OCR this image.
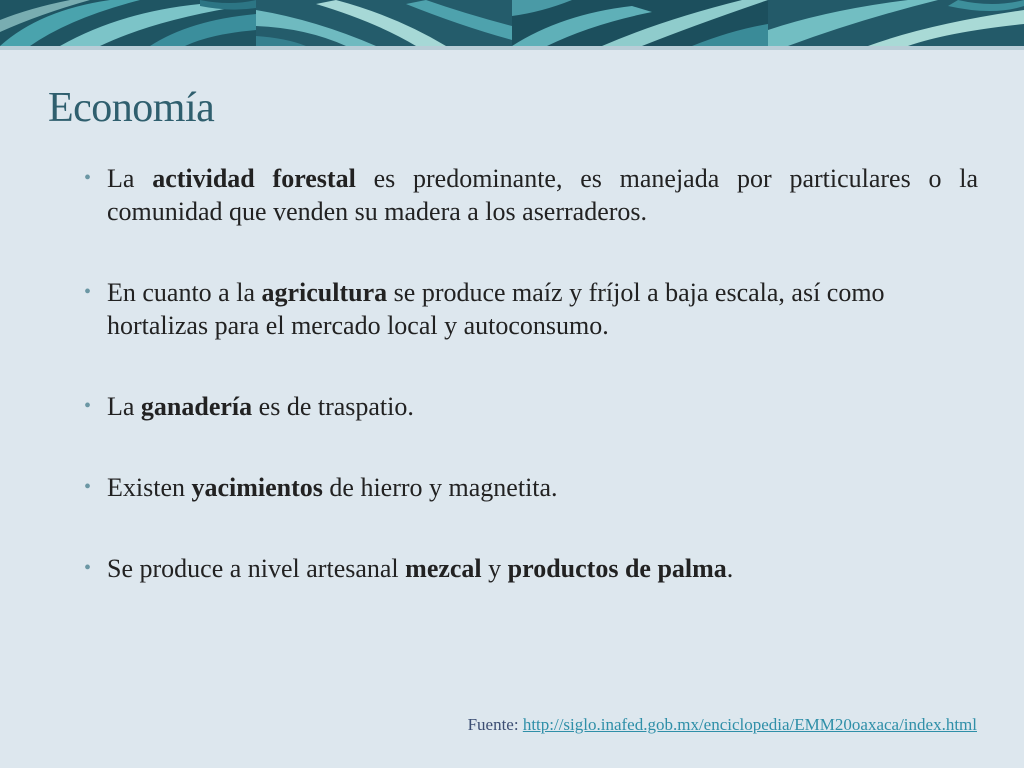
Economía
• La actividad forestal es predominante, es manejada por particulares o la comunidad que venden su madera a los aserraderos.
• En cuanto a la agricultura se produce maíz y fríjol a baja escala, así como hortalizas para el mercado local y autoconsumo.
• La ganadería es de traspatio.
• Existen yacimientos de hierro y magnetita.
• Se produce a nivel artesanal mezcal y productos de palma.
Fuente: http://siglo.inafed.gob.mx/enciclopedia/EMM20oaxaca/index.html
